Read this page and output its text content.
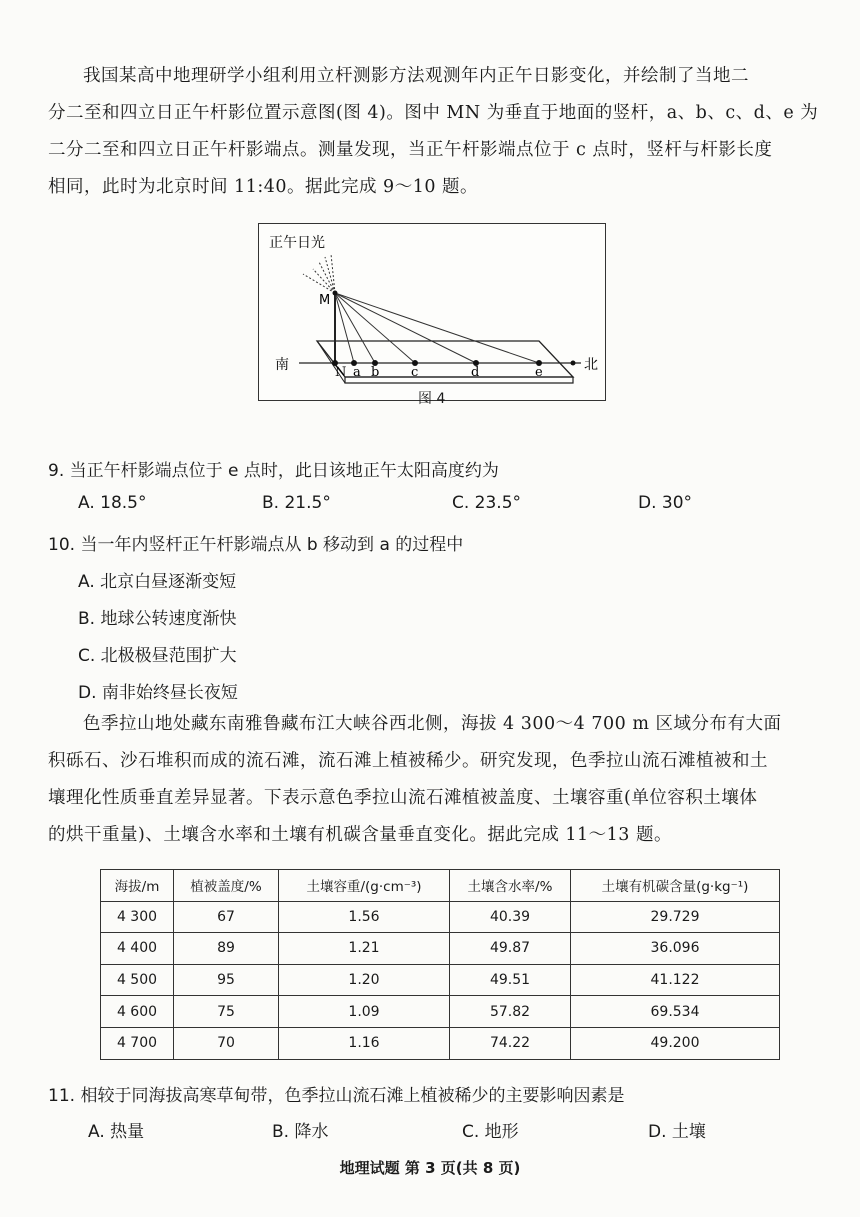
我国某高中地理研学小组利用立杆测影方法观测年内正午日影变化，并绘制了当地二
分二至和四立日正午杆影位置示意图(图 4)。图中 MN 为垂直于地面的竖杆，a、b、c、d、e 为
二分二至和四立日正午杆影端点。测量发现，当正午杆影端点位于 c 点时，竖杆与杆影长度
相同，此时为北京时间 11:40。据此完成 9～10 题。
正午日光
M
南	北
N a b c	d	e
图 4
9. 当正午杆影端点位于 e 点时，此日该地正午太阳高度约为
A. 18.5°	B. 21.5°	C. 23.5°	D. 30°
10. 当一年内竖杆正午杆影端点从 b 移动到 a 的过程中
A. 北京白昼逐渐变短
B. 地球公转速度渐快
C. 北极极昼范围扩大
D. 南非始终昼长夜短
色季拉山地处藏东南雅鲁藏布江大峡谷西北侧，海拔 4 300～4 700 m 区域分布有大面
积砾石、沙石堆积而成的流石滩，流石滩上植被稀少。研究发现，色季拉山流石滩植被和土
壤理化性质垂直差异显著。下表示意色季拉山流石滩植被盖度、土壤容重(单位容积土壤体
的烘干重量)、土壤含水率和土壤有机碳含量垂直变化。据此完成 11～13 题。
海拔/m	植被盖度/%	土壤容重/(g·cm⁻³)	土壤含水率/%	土壤有机碳含量(g·kg⁻¹)
4 300	67	1.56	40.39	29.729
4 400	89	1.21	49.87	36.096
4 500	95	1.20	49.51	41.122
4 600	75	1.09	57.82	69.534
4 700	70	1.16	74.22	49.200
11. 相较于同海拔高寒草甸带，色季拉山流石滩上植被稀少的主要影响因素是
A. 热量	B. 降水	C. 地形	D. 土壤
地理试题 第 3 页(共 8 页)
